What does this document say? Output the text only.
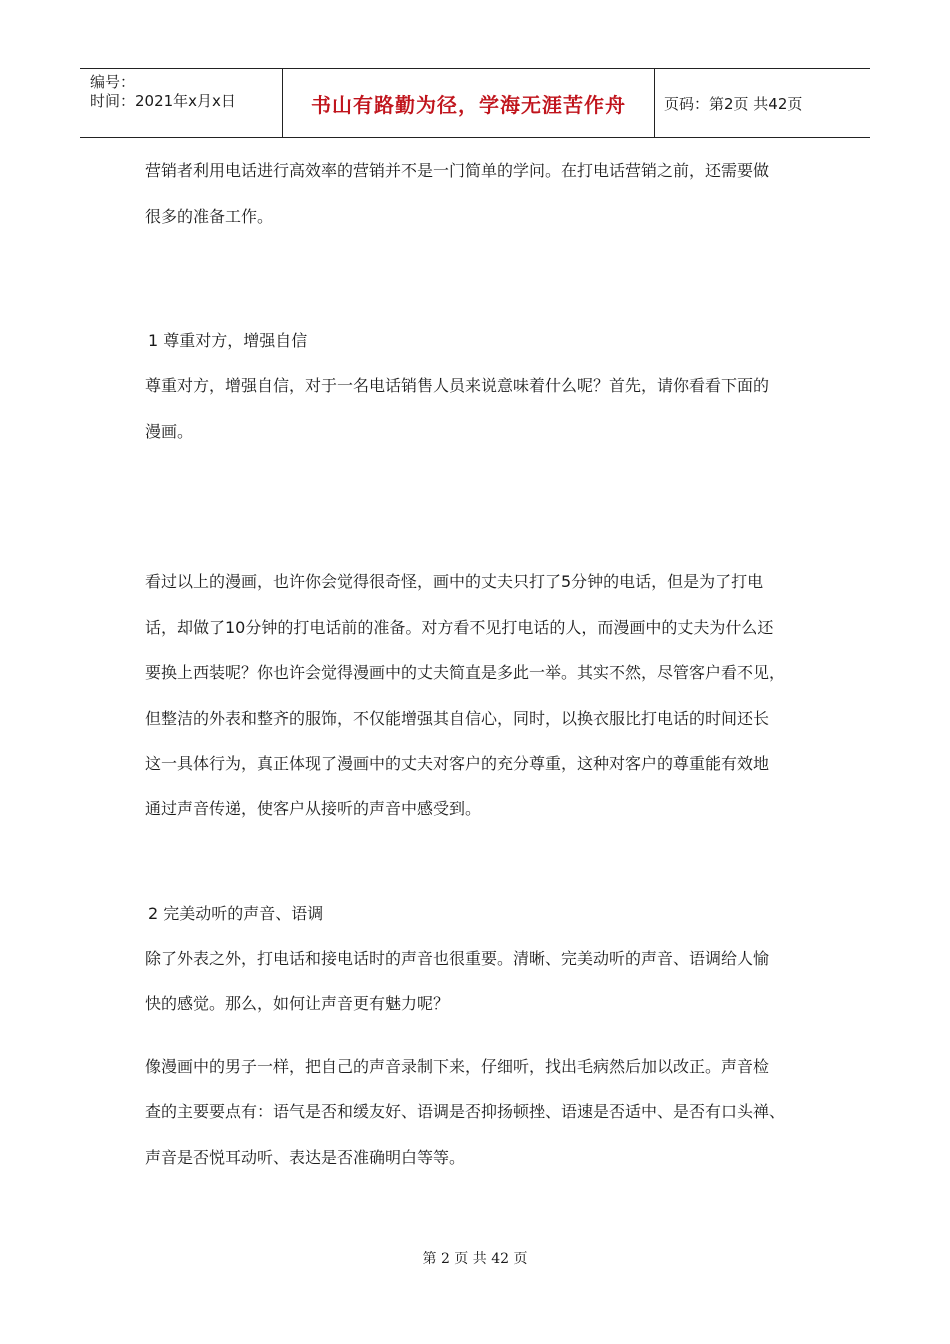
编号：
时间：2021年x月x日	书山有路勤为径，学海无涯苦作舟	页码：第2页 共42页
营销者利用电话进行高效率的营销并不是一门简单的学问。在打电话营销之前，还需要做
很多的准备工作。
1 尊重对方，增强自信
尊重对方，增强自信，对于一名电话销售人员来说意味着什么呢？首先，请你看看下面的
漫画。
看过以上的漫画，也许你会觉得很奇怪，画中的丈夫只打了5分钟的电话，但是为了打电
话，却做了10分钟的打电话前的准备。对方看不见打电话的人，而漫画中的丈夫为什么还
要换上西装呢？你也许会觉得漫画中的丈夫简直是多此一举。其实不然，尽管客户看不见，
但整洁的外表和整齐的服饰，不仅能增强其自信心，同时，以换衣服比打电话的时间还长
这一具体行为，真正体现了漫画中的丈夫对客户的充分尊重，这种对客户的尊重能有效地
通过声音传递，使客户从接听的声音中感受到。
2 完美动听的声音、语调
除了外表之外，打电话和接电话时的声音也很重要。清晰、完美动听的声音、语调给人愉
快的感觉。那么，如何让声音更有魅力呢？
像漫画中的男子一样，把自己的声音录制下来，仔细听，找出毛病然后加以改正。声音检
查的主要要点有：语气是否和缓友好、语调是否抑扬顿挫、语速是否适中、是否有口头禅、
声音是否悦耳动听、表达是否准确明白等等。
第 2 页 共 42 页
